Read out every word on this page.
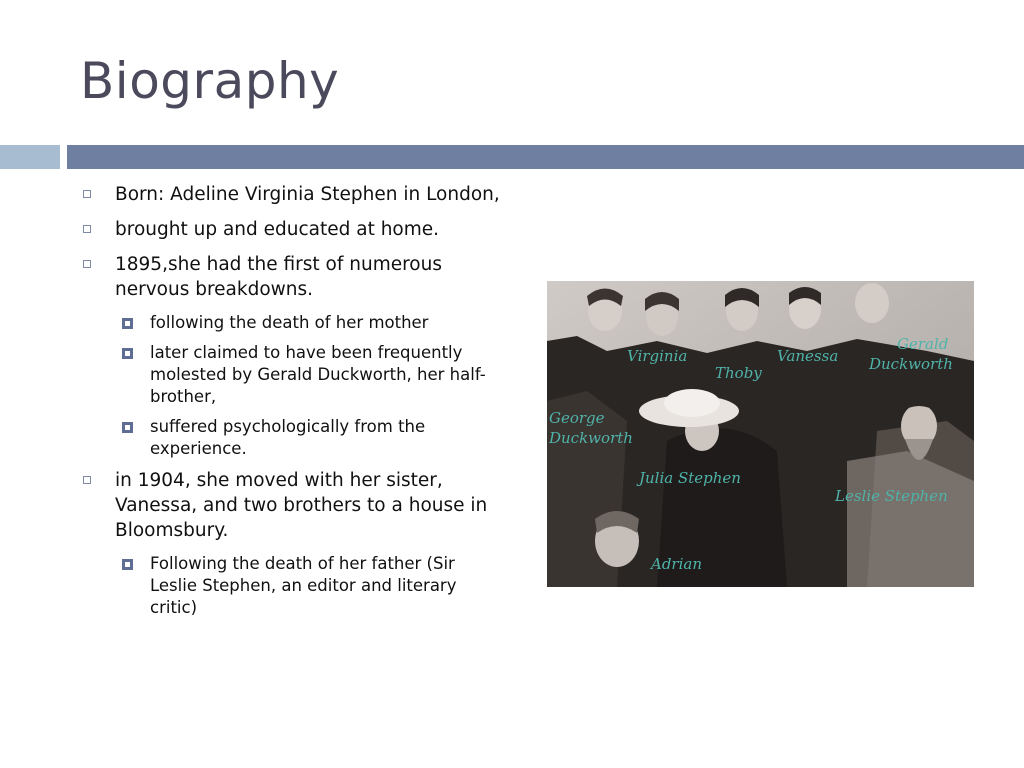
Biography
Born: Adeline Virginia Stephen in London,
brought up and educated at home.
1895,she had the first of numerous nervous breakdowns.
following the death of her mother
later claimed to have been frequently molested by Gerald Duckworth, her half-brother,
suffered psychologically from the experience.
in 1904, she moved with her sister, Vanessa, and two brothers to a house in Bloomsbury.
Following the death of her father (Sir Leslie Stephen, an editor and literary critic)
Virginia
Thoby
Vanessa
Gerald Duckworth
George Duckworth
Julia Stephen
Leslie Stephen
Adrian
